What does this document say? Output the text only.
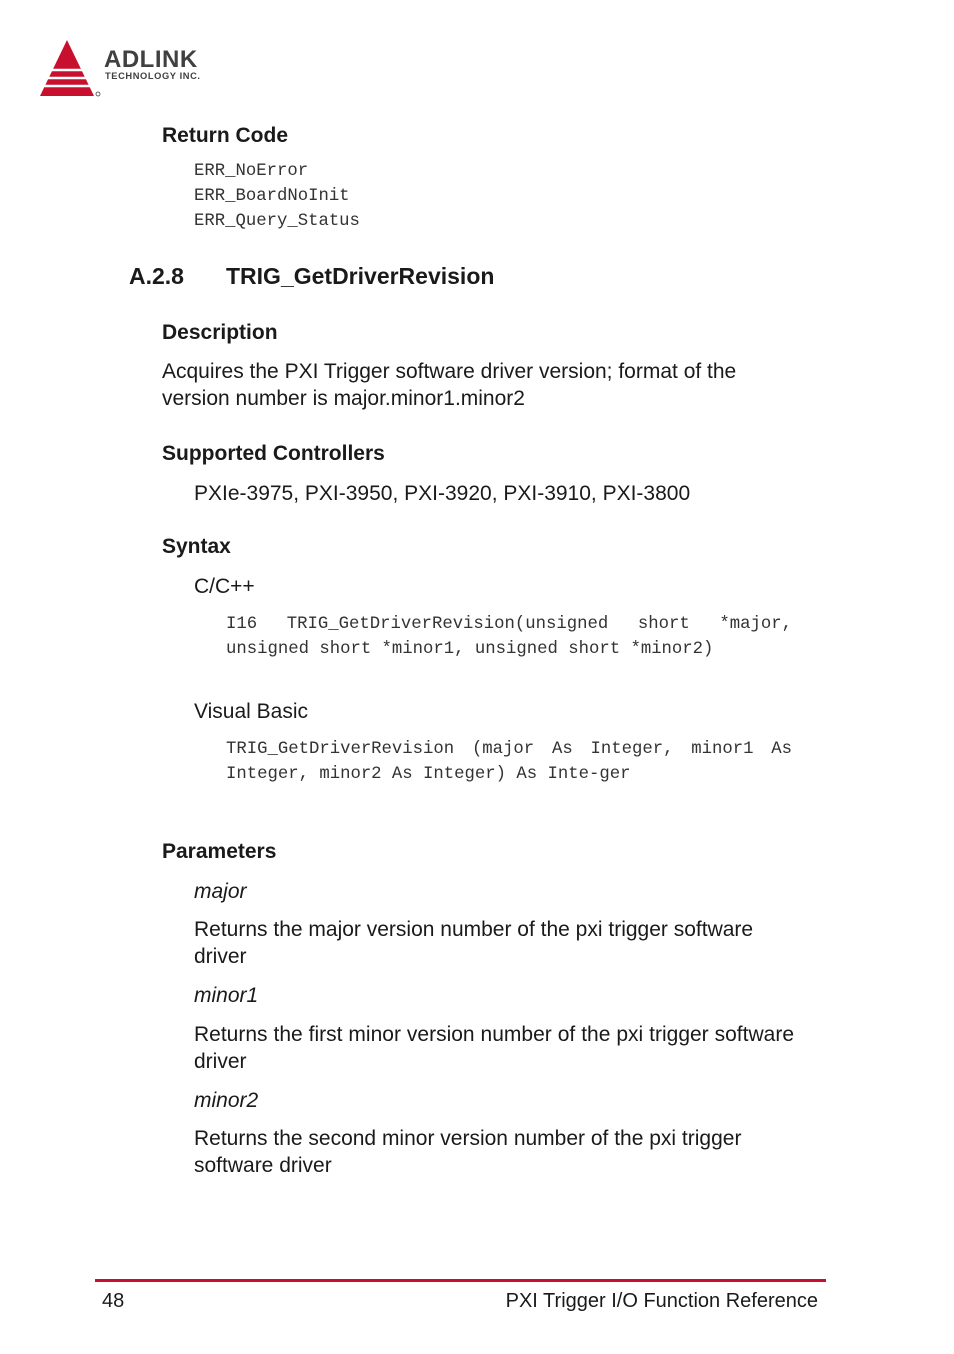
ADLINK
TECHNOLOGY INC.
Return Code
ERR_NoError
ERR_BoardNoInit
ERR_Query_Status
A.2.8 TRIG_GetDriverRevision
Description

Acquires the PXI Trigger software driver version; format of the version number is major.minor1.minor2

Supported Controllers

PXIe-3975, PXI-3950, PXI-3920, PXI-3910, PXI-3800

Syntax

C/C++

I16 TRIG_GetDriverRevision(unsigned short *major, unsigned short *minor1, unsigned short *minor2)

Visual Basic

TRIG_GetDriverRevision (major As Integer, minor1 As Integer, minor2 As Integer) As Inte-ger

Parameters

major

Returns the major version number of the pxi trigger software driver

minor1

Returns the first minor version number of the pxi trigger software driver

minor2

Returns the second minor version number of the pxi trigger software driver

48	PXI Trigger I/O Function Reference
